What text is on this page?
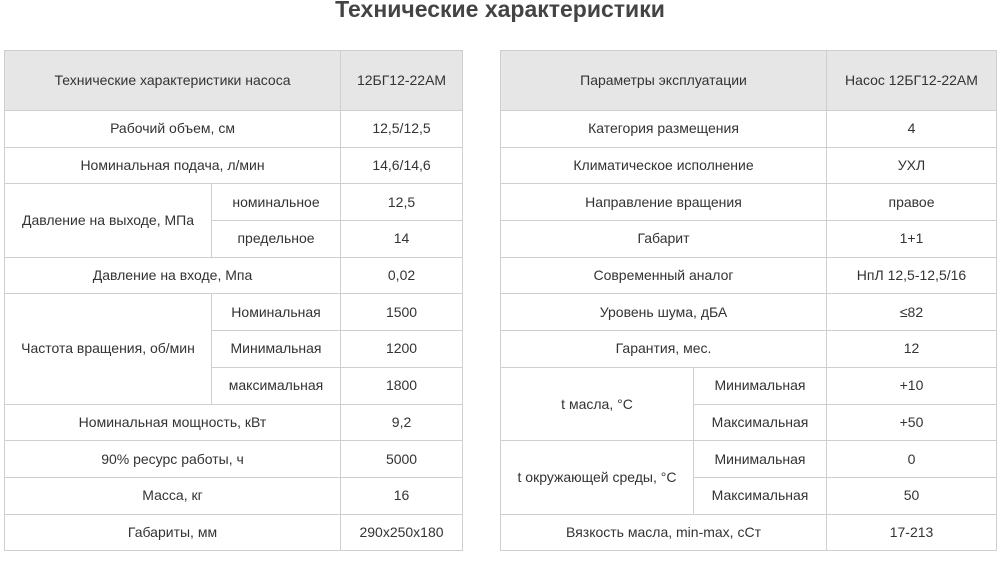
Технические характеристики
Технические характеристики насоса		12БГ12-22АМ
Рабочий объем, см		12,5/12,5
Номинальная подача, л/мин		14,6/14,6
Давление на выходе, МПа	номинальное	12,5
	предельное	14
Давление на входе, Мпа		0,02
Частота вращения, об/мин	Номинальная	1500
	Минимальная	1200
	максимальная	1800
Номинальная мощность, кВт		9,2
90% ресурс работы, ч		5000
Масса, кг		16
Габариты, мм		290x250x180
Параметры эксплуатации		Насос 12БГ12-22АМ
Категория размещения		4
Климатическое исполнение		УХЛ
Направление вращения		правое
Габарит		1+1
Современный аналог		НпЛ 12,5-12,5/16
Уровень шума, дБА		≤82
Гарантия, мес.		12
t масла, °C	Минимальная	+10
	Максимальная	+50
t окружающей среды, °C	Минимальная	0
	Максимальная	50
Вязкость масла, min-max, сСт		17-213
